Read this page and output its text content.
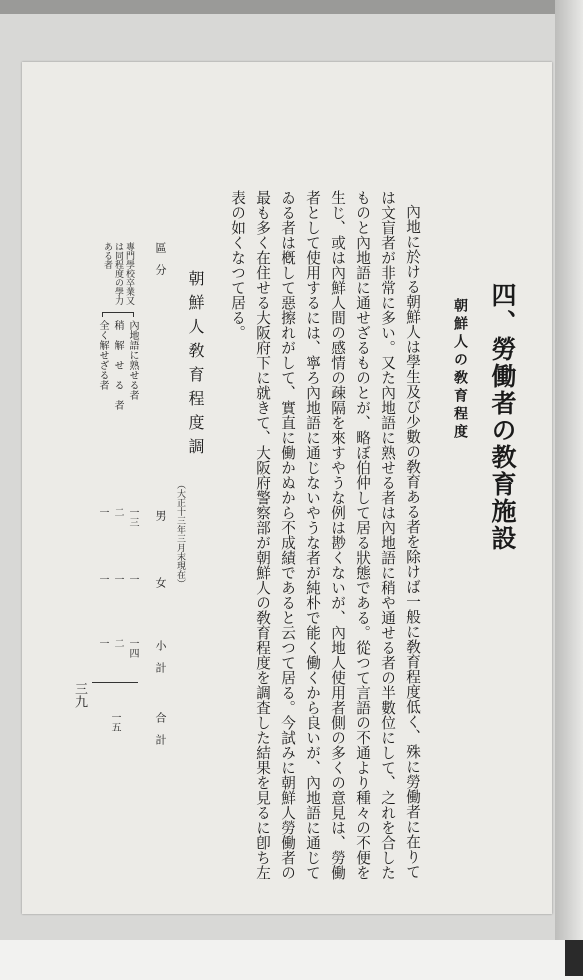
四、勞働者の教育施設
朝鮮人の敎育程度
內地に於ける朝鮮人は學生及び少數の敎育ある者を除けば一般に敎育程度低く、殊に勞働者に在りて
は文盲者が非常に多い。又た內地語に熟せる者は內地語に稍や通せる者の半數位にして、之れを合した
ものと內地語に通せざるものとが、略ぼ伯仲して居る狀態である。從つて言語の不通より種々の不便を
生じ、或は內鮮人間の感情の疎隔を來すやうな例は尠くないが、內地人使用者側の多くの意見は、勞働
者として使用するには、寧ろ內地語に通じないやうな者が純朴で能く働くから良いが、內地語に通じて
ゐる者は槪して惡擦れがして、實直に働かぬから不成績であると云つて居る。今試みに朝鮮人勞働者の
最も多く在住せる大阪府下に就きて、大阪府警察部が朝鮮人の敎育程度を調査した結果を見るに卽ち左
表の如くなつて居る。
朝鮮人敎育程度調
（大正十三年三月末現在）
區　分
男
女
小　計
合　計
專門學校卒業又は同程度の學力ある者
內地語に熟せる者
一三
一
一四
一五
稍　解　せ　る　者
二
一
二
全く解せざる者
一
一
一
三九
